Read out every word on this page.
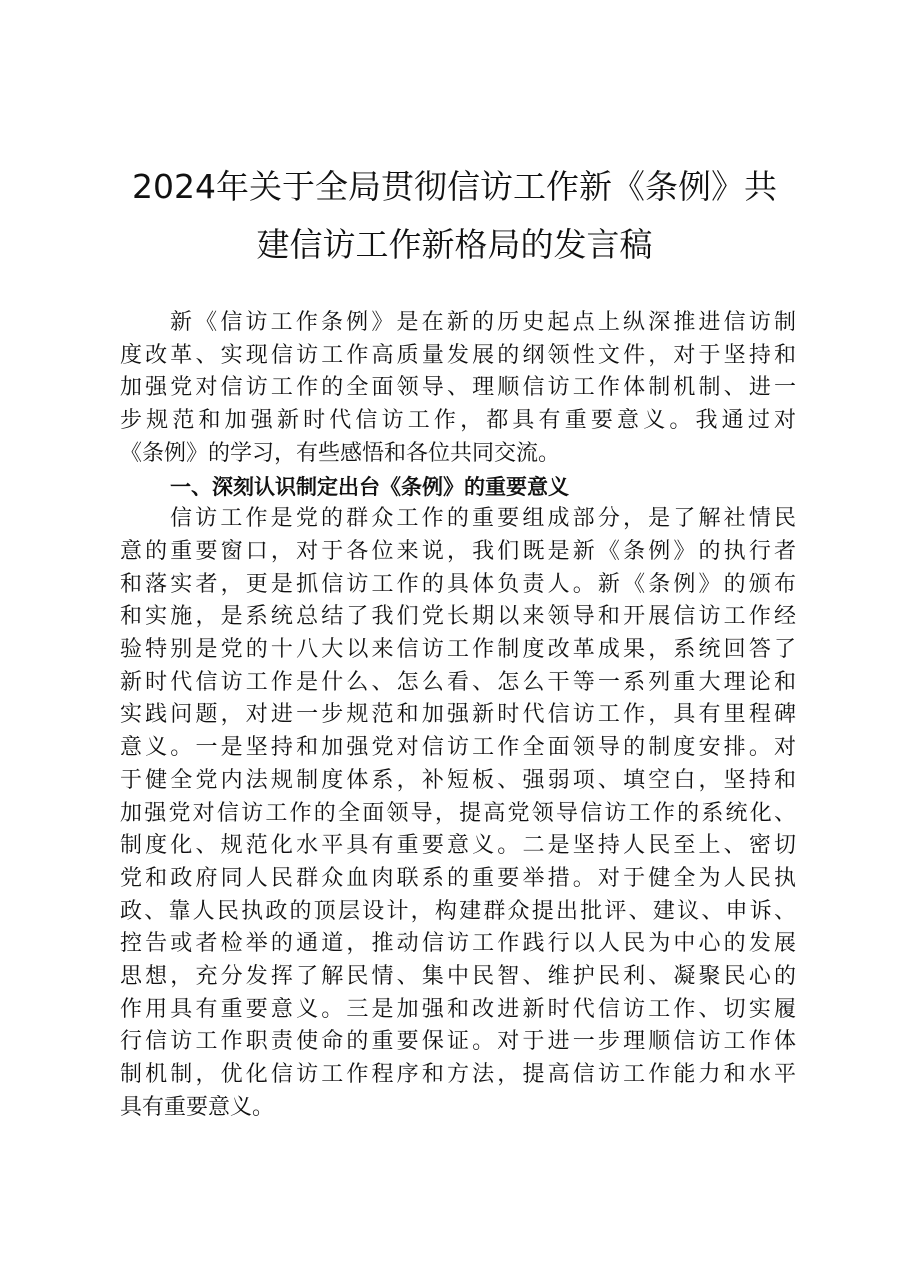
2024年关于全局贯彻信访工作新《条例》共
建信访工作新格局的发言稿

新《信访工作条例》是在新的历史起点上纵深推进信访制
度改革、实现信访工作高质量发展的纲领性文件，对于坚持和
加强党对信访工作的全面领导、理顺信访工作体制机制、进一
步规范和加强新时代信访工作，都具有重要意义。我通过对
《条例》的学习，有些感悟和各位共同交流。

一、深刻认识制定出台《条例》的重要意义

信访工作是党的群众工作的重要组成部分，是了解社情民
意的重要窗口，对于各位来说，我们既是新《条例》的执行者
和落实者，更是抓信访工作的具体负责人。新《条例》的颁布
和实施，是系统总结了我们党长期以来领导和开展信访工作经
验特别是党的十八大以来信访工作制度改革成果，系统回答了
新时代信访工作是什么、怎么看、怎么干等一系列重大理论和
实践问题，对进一步规范和加强新时代信访工作，具有里程碑
意义。一是坚持和加强党对信访工作全面领导的制度安排。对
于健全党内法规制度体系，补短板、强弱项、填空白，坚持和
加强党对信访工作的全面领导，提高党领导信访工作的系统化、
制度化、规范化水平具有重要意义。二是坚持人民至上、密切
党和政府同人民群众血肉联系的重要举措。对于健全为人民执
政、靠人民执政的顶层设计，构建群众提出批评、建议、申诉、
控告或者检举的通道，推动信访工作践行以人民为中心的发展
思想，充分发挥了解民情、集中民智、维护民利、凝聚民心的
作用具有重要意义。三是加强和改进新时代信访工作、切实履
行信访工作职责使命的重要保证。对于进一步理顺信访工作体
制机制，优化信访工作程序和方法，提高信访工作能力和水平
具有重要意义。
